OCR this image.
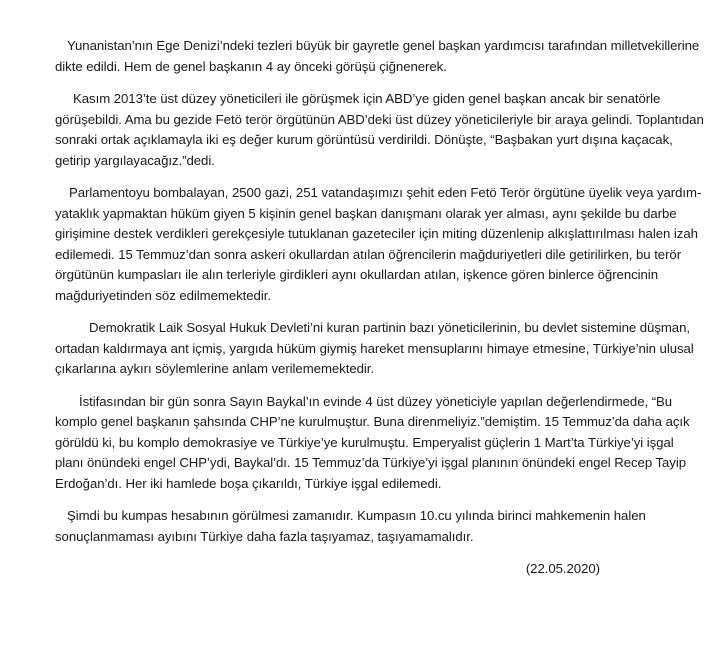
Yunanistan’nın Ege Denizi’ndeki tezleri büyük bir gayretle genel başkan yardımcısı tarafından milletvekillerine dikte edildi. Hem de genel başkanın 4 ay önceki görüşü çiğnenerek.

Kasım 2013’te üst düzey yöneticileri ile görüşmek için ABD’ye giden genel başkan ancak bir senatörle görüşebildi. Ama bu gezide Fetö terör örgütünün ABD’deki üst düzey yöneticileriyle bir araya gelindi. Toplantıdan sonraki ortak açıklamayla iki eş değer kurum görüntüsü verdirildi. Dönüşte, “Başbakan yurt dışına kaçacak, getirip yargılayacağız.”dedi.

Parlamentoyu bombalayan, 2500 gazi, 251 vatandaşımızı şehit eden Fetö Terör örgütüne üyelik veya yardım-yataklık yapmaktan hüküm giyen 5 kişinin genel başkan danışmanı olarak yer alması, aynı şekilde bu darbe girişimine destek verdikleri gerekçesiyle tutuklanan gazeteciler için miting düzenlenip alkışlattırılması halen izah edilemedi. 15 Temmuz’dan sonra askeri okullardan atılan öğrencilerin mağduriyetleri dile getirilirken, bu terör örgütünün kumpasları ile alın terleriyle girdikleri aynı okullardan atılan, işkence gören binlerce öğrencinin mağduriyetinden söz edilmemektedir.

Demokratik Laik Sosyal Hukuk Devleti’ni kuran partinin bazı yöneticilerinin, bu devlet sistemine düşman, ortadan kaldırmaya ant içmiş, yargıda hüküm giymiş hareket mensuplarını himaye etmesine, Türkiye’nin ulusal çıkarlarına aykırı söylemlerine anlam verilememektedir.

İstifasından bir gün sonra Sayın Baykal’ın evinde 4 üst düzey yöneticiyle yapılan değerlendirmede, “Bu komplo genel başkanın şahsında CHP’ne kurulmuştur. Buna direnmeliyiz.”demiştim. 15 Temmuz’da daha açık görüldü ki, bu komplo demokrasiye ve Türkiye’ye kurulmuştu. Emperyalist güçlerin 1 Mart’ta Türkiye’yi işgal planı önündeki engel CHP’ydi, Baykal’dı. 15 Temmuz’da Türkiye’yi işgal planının önündeki engel Recep Tayip Erdoğan’dı. Her iki hamlede boşa çıkarıldı, Türkiye işgal edilemedi.

Şimdi bu kumpas hesabının görülmesi zamanıdır. Kumpasın 10.cu yılında birinci mahkemenin halen sonuçlanmaması ayıbını Türkiye daha fazla taşıyamaz, taşıyamamalıdır.

(22.05.2020)
